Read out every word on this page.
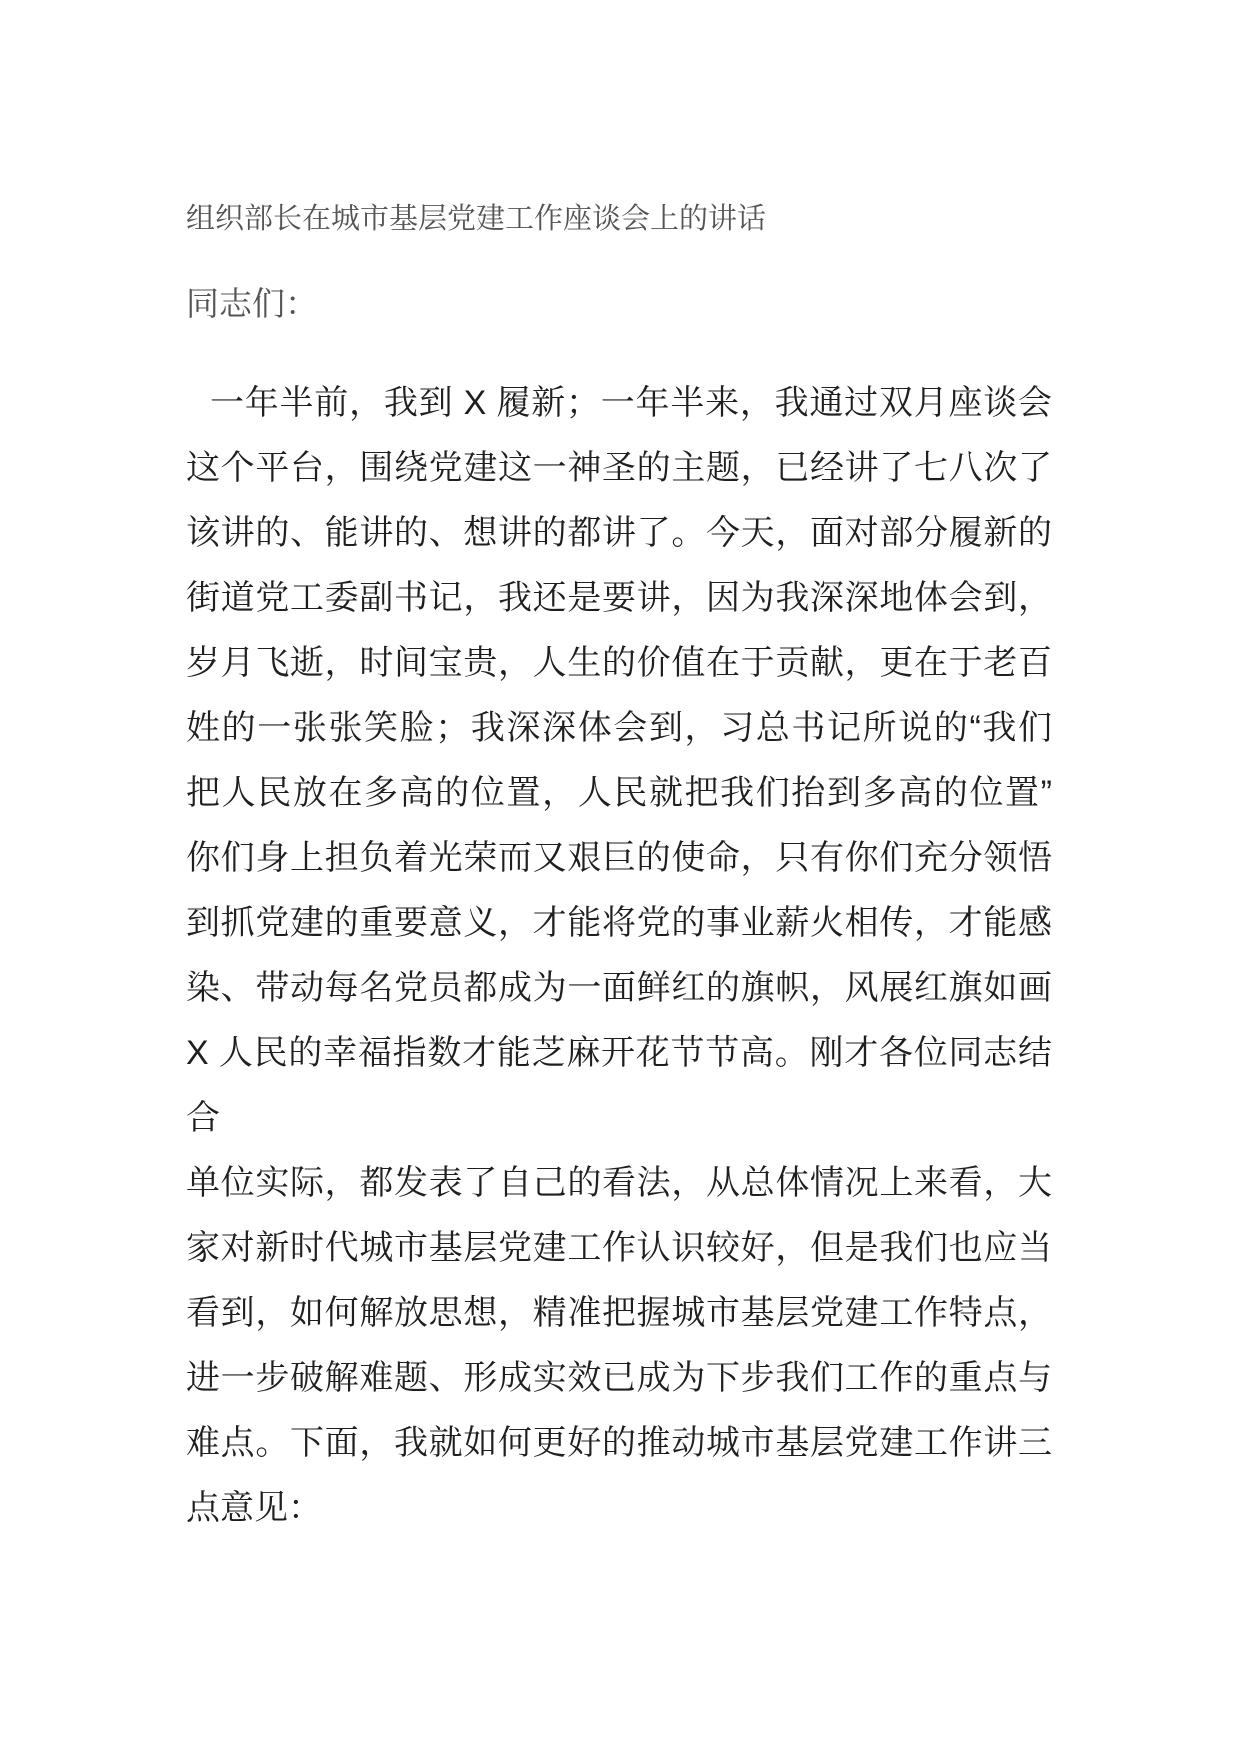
组织部长在城市基层党建工作座谈会上的讲话
同志们：
一年半前，我到 X 履新；一年半来，我通过双月座谈会
这个平台，围绕党建这一神圣的主题，已经讲了七八次了
该讲的、能讲的、想讲的都讲了。今天，面对部分履新的
街道党工委副书记，我还是要讲，因为我深深地体会到，
岁月飞逝，时间宝贵，人生的价值在于贡献，更在于老百
姓的一张张笑脸；我深深体会到，习总书记所说的“我们
把人民放在多高的位置，人民就把我们抬到多高的位置”
你们身上担负着光荣而又艰巨的使命，只有你们充分领悟
到抓党建的重要意义，才能将党的事业薪火相传，才能感
染、带动每名党员都成为一面鲜红的旗帜，风展红旗如画
X 人民的幸福指数才能芝麻开花节节高。刚才各位同志结合
单位实际，都发表了自己的看法，从总体情况上来看，大
家对新时代城市基层党建工作认识较好，但是我们也应当
看到，如何解放思想，精准把握城市基层党建工作特点，
进一步破解难题、形成实效已成为下步我们工作的重点与
难点。下面，我就如何更好的推动城市基层党建工作讲三
点意见：
